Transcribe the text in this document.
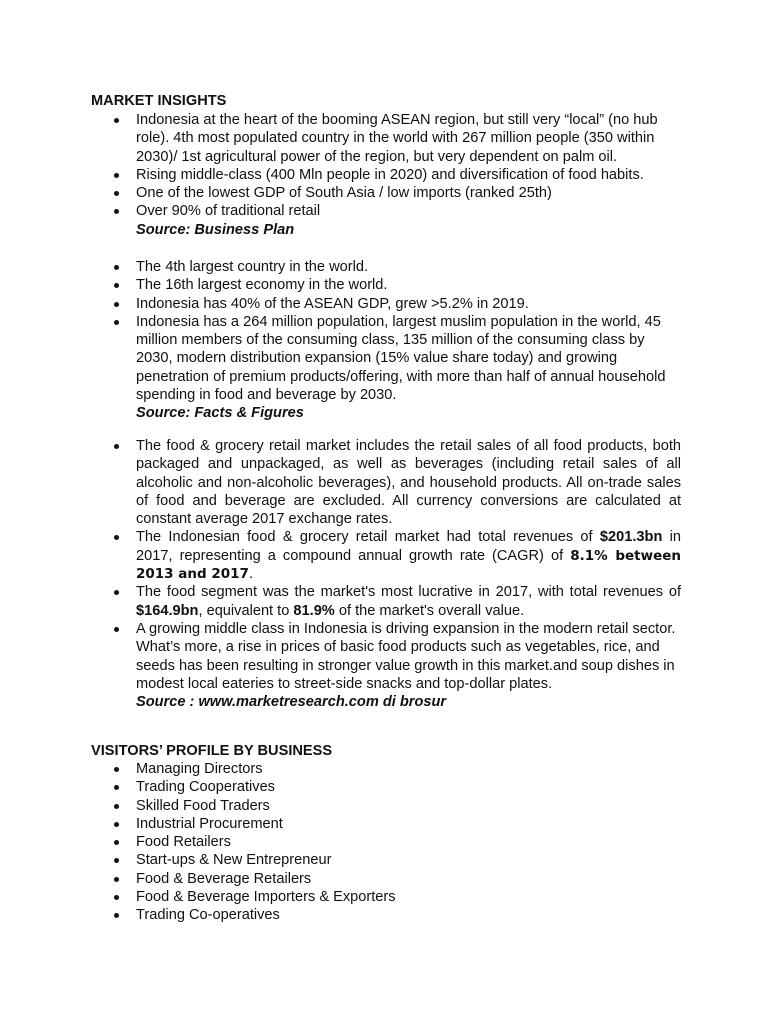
MARKET INSIGHTS
Indonesia at the heart of the booming ASEAN region, but still very “local” (no hub role). 4th most populated country in the world with 267 million people (350 within 2030)/ 1st agricultural power of the region, but very dependent on palm oil.
Rising middle-class (400 Mln people in 2020) and diversification of food habits.
One of the lowest GDP of South Asia / low imports (ranked 25th)
Over 90% of traditional retail
Source: Business Plan
The 4th largest country in the world.
The 16th largest economy in the world.
Indonesia has 40% of the ASEAN GDP, grew >5.2% in 2019.
Indonesia has a 264 million population, largest muslim population in the world, 45 million members of the consuming class, 135 million of the consuming class by 2030, modern distribution expansion (15% value share today) and growing penetration of premium products/offering, with more than half of annual household spending in food and beverage by 2030.
Source: Facts & Figures
The food & grocery retail market includes the retail sales of all food products, both packaged and unpackaged, as well as beverages (including retail sales of all alcoholic and non-alcoholic beverages), and household products. All on-trade sales of food and beverage are excluded. All currency conversions are calculated at constant average 2017 exchange rates.
The Indonesian food & grocery retail market had total revenues of $201.3bn in 2017, representing a compound annual growth rate (CAGR) of 8.1% between 2013 and 2017.
The food segment was the market's most lucrative in 2017, with total revenues of $164.9bn, equivalent to 81.9% of the market's overall value.
A growing middle class in Indonesia is driving expansion in the modern retail sector. What’s more, a rise in prices of basic food products such as vegetables, rice, and seeds has been resulting in stronger value growth in this market.and soup dishes in modest local eateries to street-side snacks and top-dollar plates.
Source : www.marketresearch.com di brosur
VISITORS’ PROFILE BY BUSINESS
Managing Directors
Trading Cooperatives
Skilled Food Traders
Industrial Procurement
Food Retailers
Start-ups & New Entrepreneur
Food & Beverage Retailers
Food & Beverage Importers & Exporters
Trading Co-operatives
